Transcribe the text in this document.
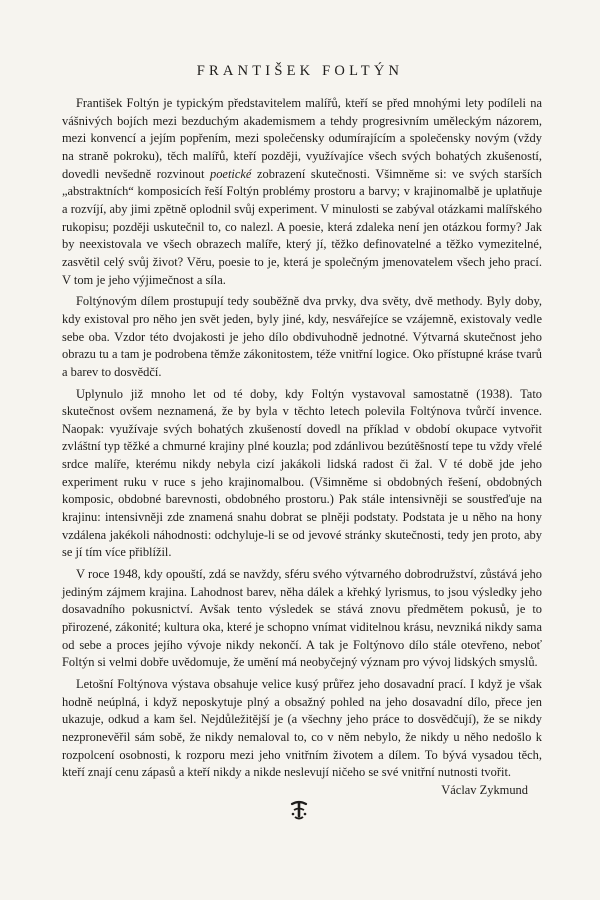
FRANTIŠEK FOLTÝN

František Foltýn je typickým představitelem malířů, kteří se před mnohými lety podíleli na vášnivých bojích mezi bezduchým akademismem a tehdy progresivním uměleckým názorem, mezi konvencí a jejím popřením, mezi společensky odumírajícím a společensky novým (vždy na straně pokroku), těch malířů, kteří později, využívajíce všech svých bohatých zkušeností, dovedli nevšedně rozvinout poetické zobrazení skutečnosti. Všimněme si: ve svých starších „abstraktních“ komposicích řeší Foltýn problémy prostoru a barvy; v krajinomalbě je uplatňuje a rozvíjí, aby jimi zpětně oplodnil svůj experiment. V minulosti se zabýval otázkami malířského rukopisu; později uskutečnil to, co nalezl. A poesie, která zdaleka není jen otázkou formy? Jak by neexistovala ve všech obrazech malíře, který jí, těžko definovatelné a těžko vymezitelné, zasvětil celý svůj život? Věru, poesie to je, která je společným jmenovatelem všech jeho prací. V tom je jeho výjimečnost a síla.

Foltýnovým dílem prostupují tedy souběžně dva prvky, dva světy, dvě methody. Byly doby, kdy existoval pro něho jen svět jeden, byly jiné, kdy, nesvářejíce se vzájemně, existovaly vedle sebe oba. Vzdor této dvojakosti je jeho dílo obdivuhodně jednotné. Výtvarná skutečnost jeho obrazu tu a tam je podrobena těmže zákonitostem, téže vnitřní logice. Oko přístupné kráse tvarů a barev to dosvědčí.

Uplynulo již mnoho let od té doby, kdy Foltýn vystavoval samostatně (1938). Tato skutečnost ovšem neznamená, že by byla v těchto letech polevila Foltýnova tvůrčí invence. Naopak: využívaje svých bohatých zkušeností dovedl na příklad v období okupace vytvořit zvláštní typ těžké a chmurné krajiny plné kouzla; pod zdánlivou bezútěšností tepe tu vždy vřelé srdce malíře, kterému nikdy nebyla cizí jakákoli lidská radost či žal. V té době jde jeho experiment ruku v ruce s jeho krajinomalbou. (Všimněme si obdobných řešení, obdobných komposic, obdobné barevnosti, obdobného prostoru.) Pak stále intensivněji se soustřeďuje na krajinu: intensivněji zde znamená snahu dobrat se plněji podstaty. Podstata je u něho na hony vzdálena jakékoli náhodnosti: odchyluje-li se od jevové stránky skutečnosti, tedy jen proto, aby se jí tím více přiblížil.

V roce 1948, kdy opouští, zdá se navždy, sféru svého výtvarného dobrodružství, zůstává jeho jediným zájmem krajina. Lahodnost barev, něha dálek a křehký lyrismus, to jsou výsledky jeho dosavadního pokusnictví. Avšak tento výsledek se stává znovu předmětem pokusů, je to přirozené, zákonité; kultura oka, které je schopno vnímat viditelnou krásu, nevzniká nikdy sama od sebe a proces jejího vývoje nikdy nekončí. A tak je Foltýnovo dílo stále otevřeno, neboť Foltýn si velmi dobře uvědomuje, že umění má neobyčejný význam pro vývoj lidských smyslů.

Letošní Foltýnova výstava obsahuje velice kusý průřez jeho dosavadní prací. I když je však hodně neúplná, i když neposkytuje plný a obsažný pohled na jeho dosavadní dílo, přece jen ukazuje, odkud a kam šel. Nejdůležitější je (a všechny jeho práce to dosvědčují), že se nikdy nezpronevěřil sám sobě, že nikdy nemaloval to, co v něm nebylo, že nikdy u něho nedošlo k rozpolcení osobnosti, k rozporu mezi jeho vnitřním životem a dílem. To bývá vysadou těch, kteří znají cenu zápasů a kteří nikdy a nikde neslevují ničeho se své vnitřní nutnosti tvořit.
Václav Zykmund
